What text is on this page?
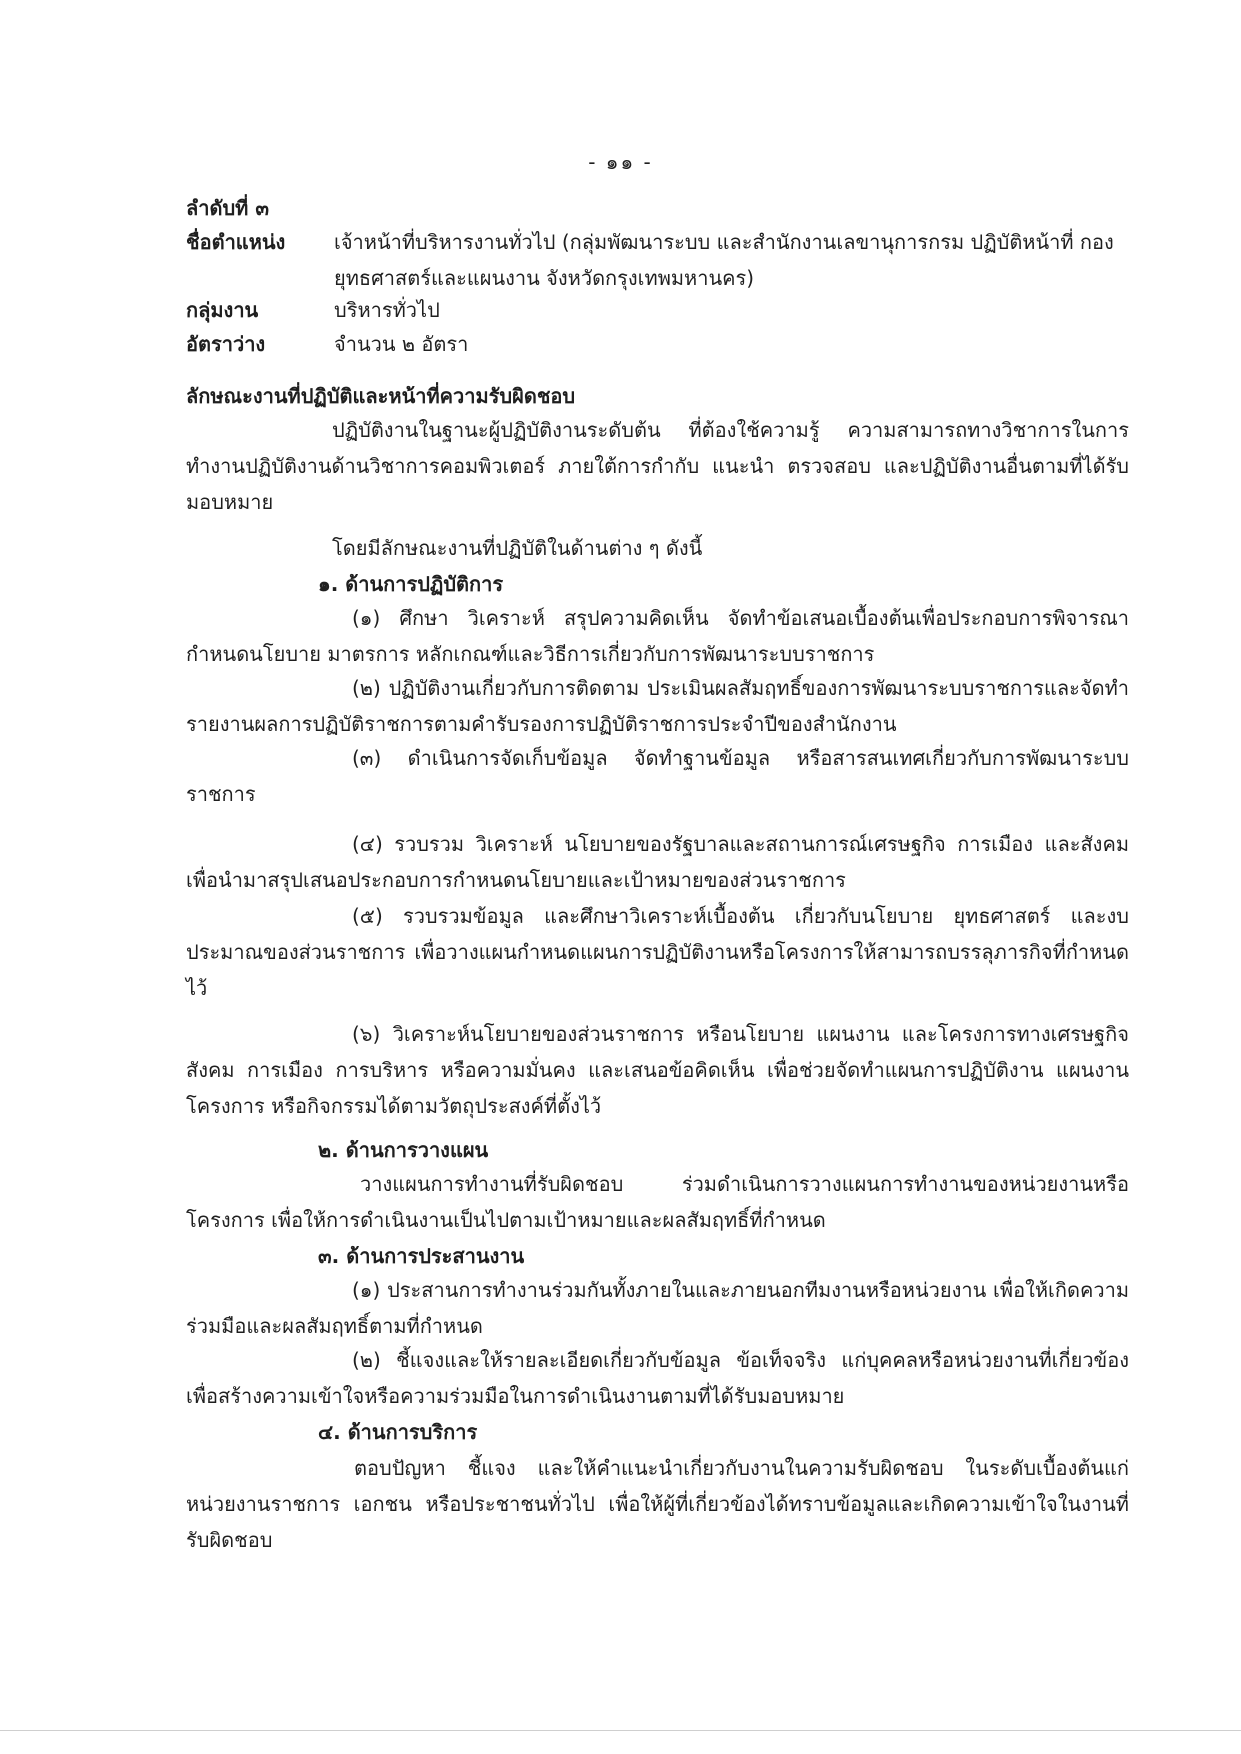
- ๑๑ -
ลำดับที่ ๓
ชื่อตำแหน่ง เจ้าหน้าที่บริหารงานทั่วไป (กลุ่มพัฒนาระบบ และสำนักงานเลขานุการกรม ปฏิบัติหน้าที่ กองยุทธศาสตร์และแผนงาน จังหวัดกรุงเทพมหานคร)
กลุ่มงาน	บริหารทั่วไป
อัตราว่าง	จำนวน ๒ อัตรา
ลักษณะงานที่ปฏิบัติและหน้าที่ความรับผิดชอบ
ปฏิบัติงานในฐานะผู้ปฏิบัติงานระดับต้น ที่ต้องใช้ความรู้ ความสามารถทางวิชาการในการทำงานปฏิบัติงานด้านวิชาการคอมพิวเตอร์ ภายใต้การกำกับ แนะนำ ตรวจสอบ และปฏิบัติงานอื่นตามที่ได้รับมอบหมาย
โดยมีลักษณะงานที่ปฏิบัติในด้านต่าง ๆ ดังนี้
๑. ด้านการปฏิบัติการ
(๑) ศึกษา วิเคราะห์ สรุปความคิดเห็น จัดทำข้อเสนอเบื้องต้นเพื่อประกอบการพิจารณากำหนดนโยบาย มาตรการ หลักเกณฑ์และวิธีการเกี่ยวกับการพัฒนาระบบราชการ
(๒) ปฏิบัติงานเกี่ยวกับการติดตาม ประเมินผลสัมฤทธิ์ของการพัฒนาระบบราชการและจัดทำรายงานผลการปฏิบัติราชการตามคำรับรองการปฏิบัติราชการประจำปีของสำนักงาน
(๓) ดำเนินการจัดเก็บข้อมูล จัดทำฐานข้อมูล หรือสารสนเทศเกี่ยวกับการพัฒนาระบบราชการ
(๔) รวบรวม วิเคราะห์ นโยบายของรัฐบาลและสถานการณ์เศรษฐกิจ การเมือง และสังคมเพื่อนำมาสรุปเสนอประกอบการกำหนดนโยบายและเป้าหมายของส่วนราชการ
(๕) รวบรวมข้อมูล และศึกษาวิเคราะห์เบื้องต้น เกี่ยวกับนโยบาย ยุทธศาสตร์ และงบประมาณของส่วนราชการ เพื่อวางแผนกำหนดแผนการปฏิบัติงานหรือโครงการให้สามารถบรรลุภารกิจที่กำหนดไว้
(๖) วิเคราะห์นโยบายของส่วนราชการ หรือนโยบาย แผนงาน และโครงการทางเศรษฐกิจสังคม การเมือง การบริหาร หรือความมั่นคง และเสนอข้อคิดเห็น เพื่อช่วยจัดทำแผนการปฏิบัติงาน แผนงานโครงการ หรือกิจกรรมได้ตามวัตถุประสงค์ที่ตั้งไว้
๒. ด้านการวางแผน
วางแผนการทำงานที่รับผิดชอบ ร่วมดำเนินการวางแผนการทำงานของหน่วยงานหรือโครงการ เพื่อให้การดำเนินงานเป็นไปตามเป้าหมายและผลสัมฤทธิ์ที่กำหนด
๓. ด้านการประสานงาน
(๑) ประสานการทำงานร่วมกันทั้งภายในและภายนอกทีมงานหรือหน่วยงาน เพื่อให้เกิดความร่วมมือและผลสัมฤทธิ์ตามที่กำหนด
(๒) ชี้แจงและให้รายละเอียดเกี่ยวกับข้อมูล ข้อเท็จจริง แก่บุคคลหรือหน่วยงานที่เกี่ยวข้องเพื่อสร้างความเข้าใจหรือความร่วมมือในการดำเนินงานตามที่ได้รับมอบหมาย
๔. ด้านการบริการ
ตอบปัญหา ชี้แจง และให้คำแนะนำเกี่ยวกับงานในความรับผิดชอบ ในระดับเบื้องต้นแก่หน่วยงานราชการ เอกชน หรือประชาชนทั่วไป เพื่อให้ผู้ที่เกี่ยวข้องได้ทราบข้อมูลและเกิดความเข้าใจในงานที่รับผิดชอบ
